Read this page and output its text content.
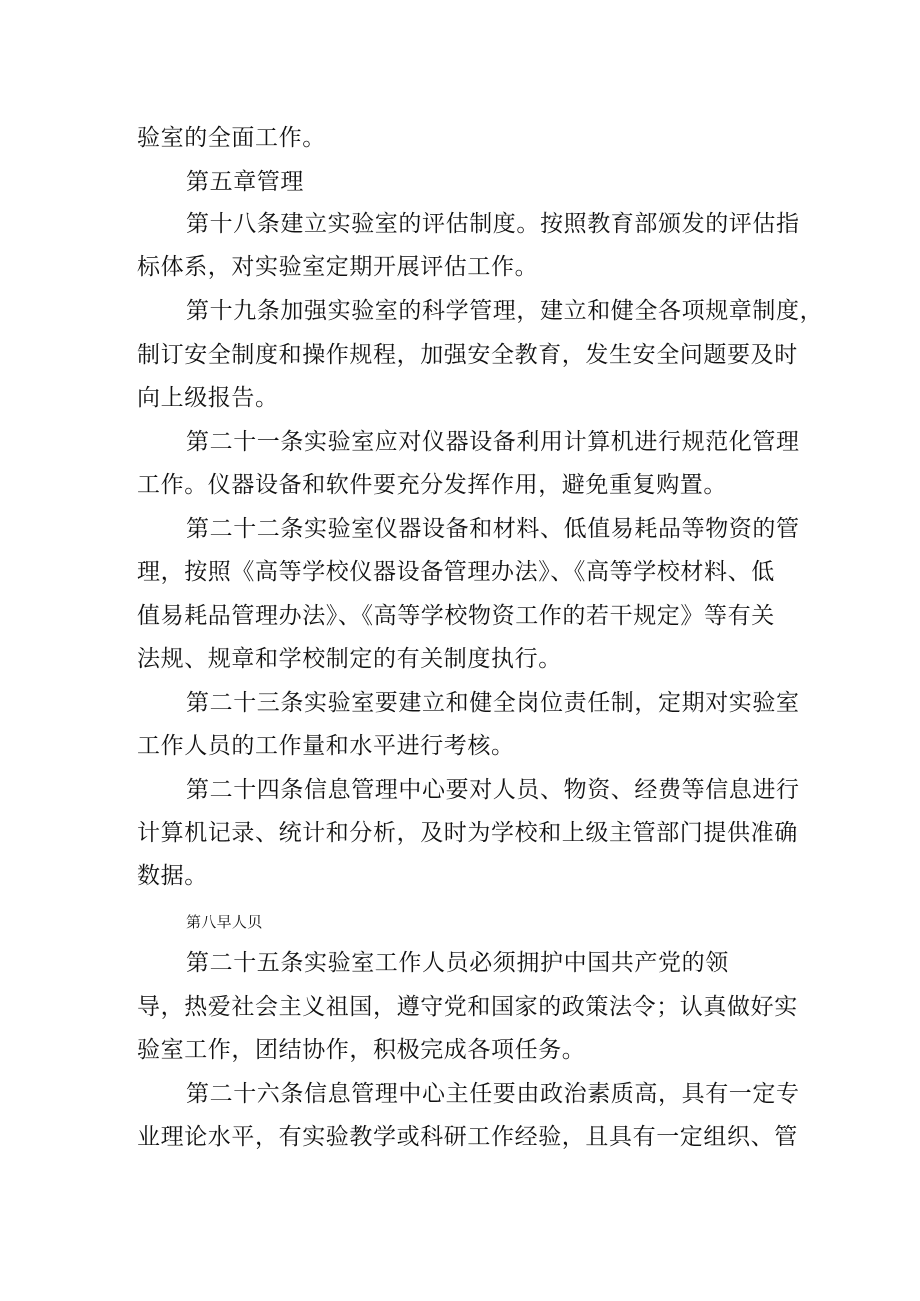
验室的全面工作。
第五章管理
第十八条建立实验室的评估制度。按照教育部颁发的评估指
标体系，对实验室定期开展评估工作。
第十九条加强实验室的科学管理，建立和健全各项规章制度，
制订安全制度和操作规程，加强安全教育，发生安全问题要及时
向上级报告。
第二十一条实验室应对仪器设备利用计算机进行规范化管理
工作。仪器设备和软件要充分发挥作用，避免重复购置。
第二十二条实验室仪器设备和材料、低值易耗品等物资的管
理，按照《高等学校仪器设备管理办法》、《高等学校材料、低
值易耗品管理办法》、《高等学校物资工作的若干规定》等有关
法规、规章和学校制定的有关制度执行。
第二十三条实验室要建立和健全岗位责任制，定期对实验室
工作人员的工作量和水平进行考核。
第二十四条信息管理中心要对人员、物资、经费等信息进行
计算机记录、统计和分析，及时为学校和上级主管部门提供准确
数据。
第八早人贝
第二十五条实验室工作人员必须拥护中国共产党的领
导，热爱社会主义祖国，遵守党和国家的政策法令；认真做好实
验室工作，团结协作，积极完成各项任务。
第二十六条信息管理中心主任要由政治素质高，具有一定专
业理论水平，有实验教学或科研工作经验，且具有一定组织、管
